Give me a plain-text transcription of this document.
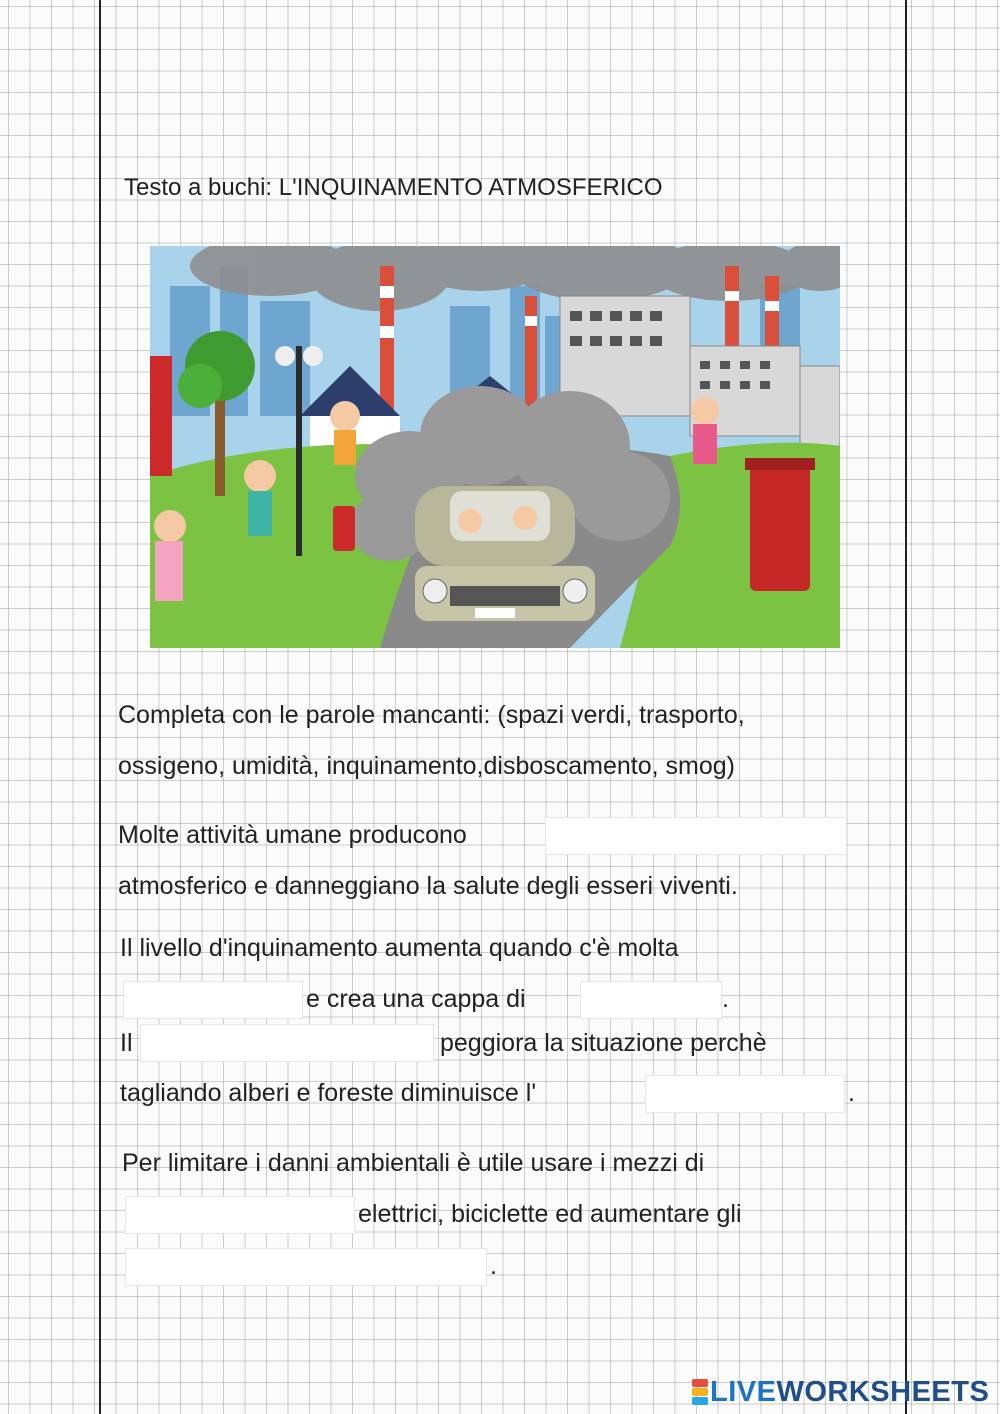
Testo a buchi: L'INQUINAMENTO ATMOSFERICO
Completa con le parole mancanti: (spazi verdi, trasporto,
ossigeno, umidità, inquinamento,disboscamento, smog)
Molte attività umane producono
atmosferico e danneggiano la salute degli esseri viventi.
Il livello d'inquinamento aumenta quando c'è molta
e crea una cappa di	.
Il	peggiora la situazione perchè
tagliando alberi e foreste diminuisce l'	.
Per limitare i danni ambientali è utile usare i mezzi di
elettrici, biciclette ed aumentare gli
.
LIVEWORKSHEETS
